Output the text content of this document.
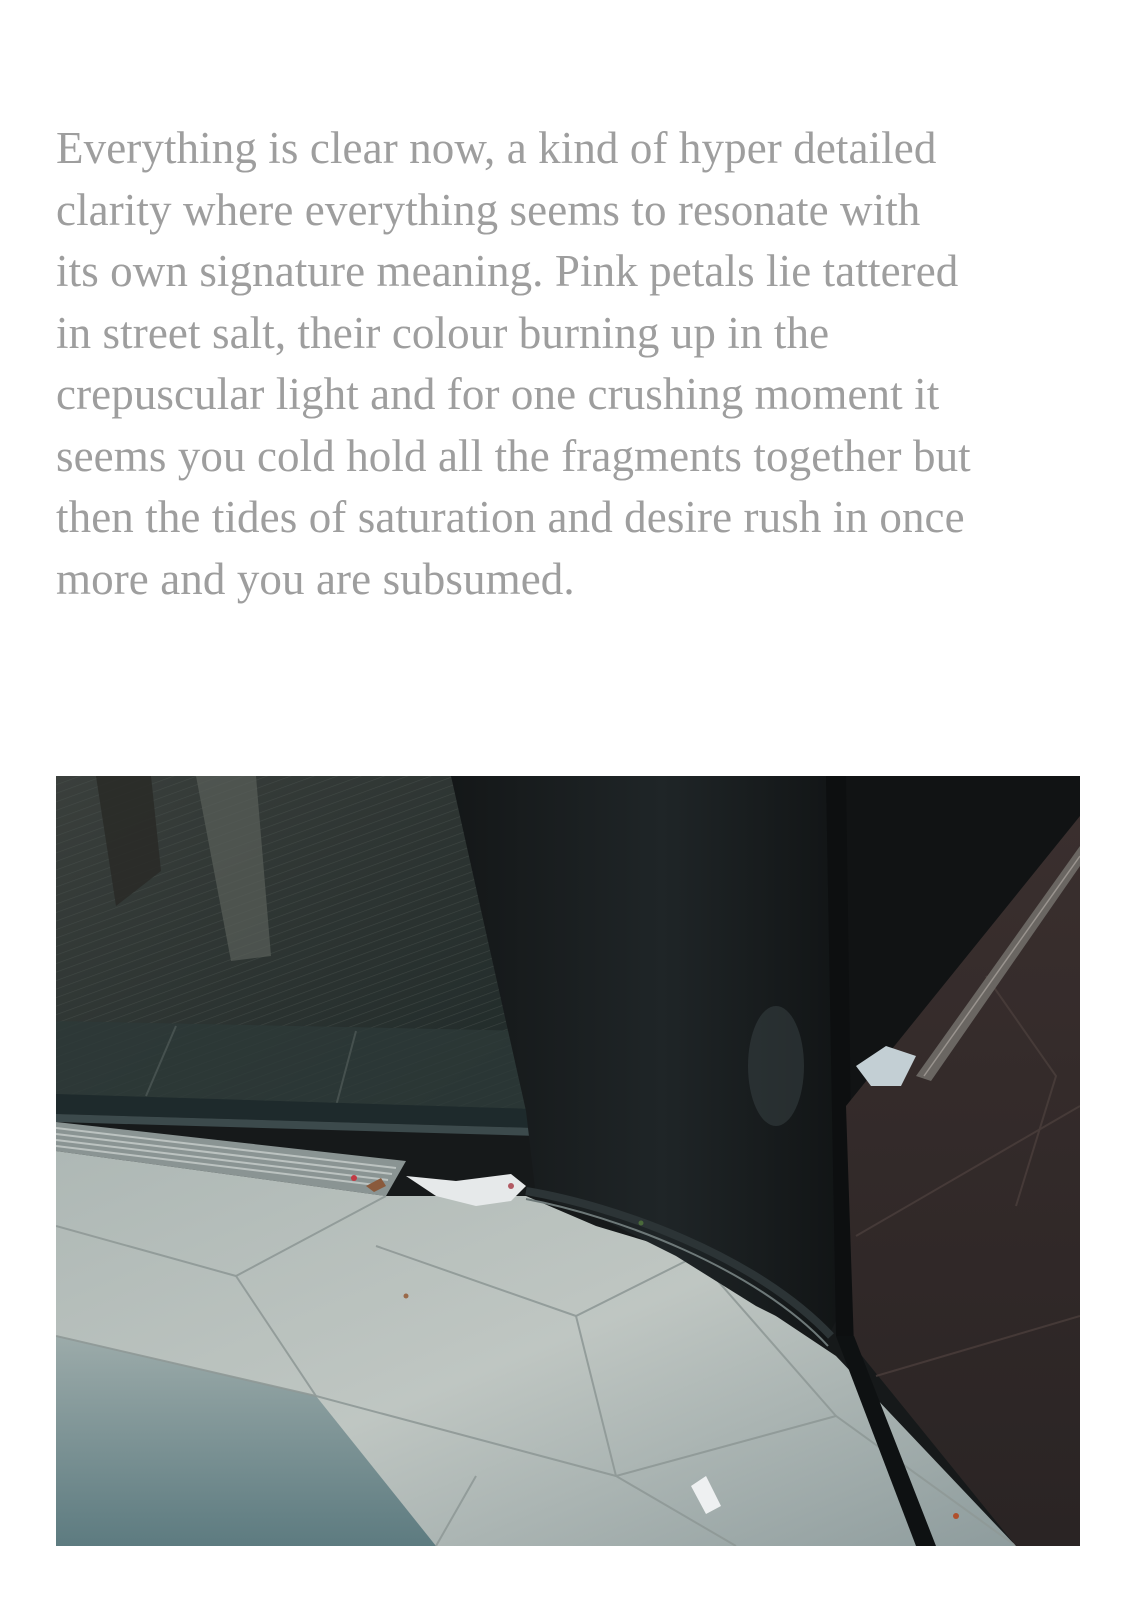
Everything is clear now, a kind of hyper detailed
clarity where everything seems to resonate with
its own signature meaning. Pink petals lie tattered
in street salt, their colour burning up in the
crepuscular light and for one crushing moment it
seems you cold hold all the fragments together but
then the tides of saturation and desire rush in once
more and you are subsumed.
